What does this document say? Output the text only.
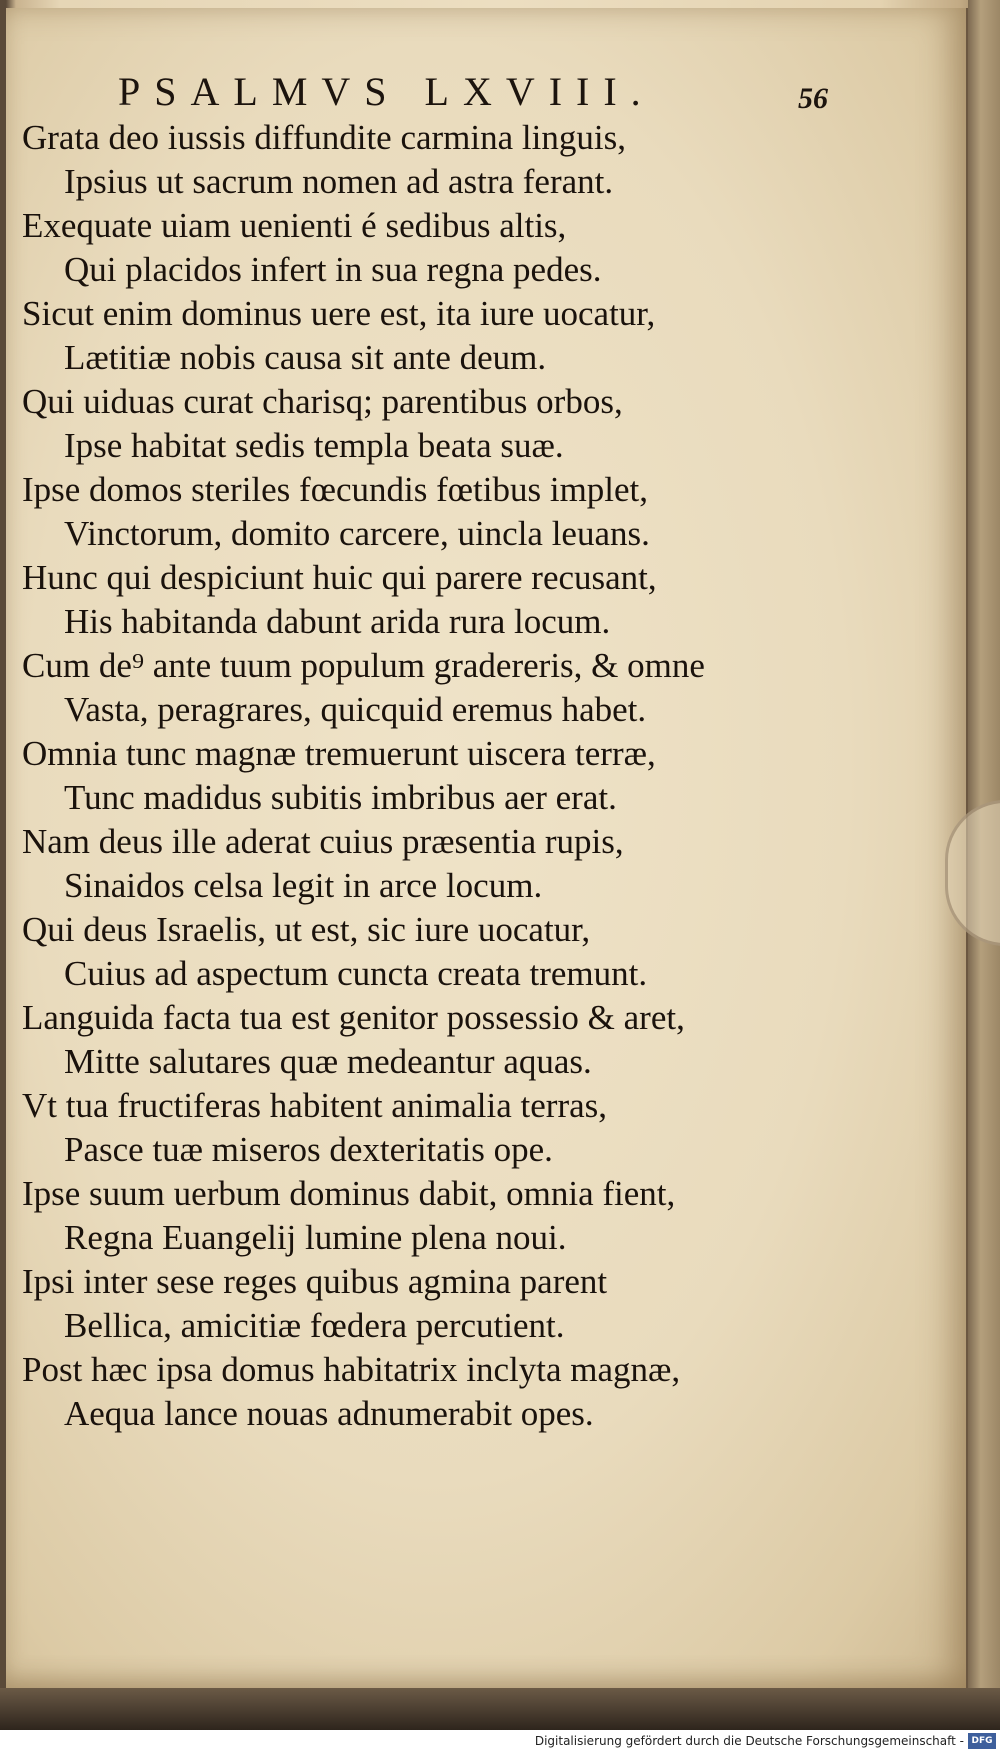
PSALMVS LXVIII.	56
Grata deo iussis diffundite carmina linguis,
Ipsius ut sacrum nomen ad astra ferant.
Exequate uiam uenienti é sedibus altis,
Qui placidos infert in sua regna pedes.
Sicut enim dominus uere est, ita iure uocatur,
Lætitiæ nobis causa sit ante deum.
Qui uiduas curat charisq; parentibus orbos,
Ipse habitat sedis templa beata suæ.
Ipse domos steriles fœcundis fœtibus implet,
Vinctorum, domito carcere, uincla leuans.
Hunc qui despiciunt huic qui parere recusant,
His habitanda dabunt arida rura locum.
Cum de⁹ ante tuum populum gradereris, & omne
Vasta, peragrares, quicquid eremus habet.
Omnia tunc magnæ tremuerunt uiscera terræ,
Tunc madidus subitis imbribus aer erat.
Nam deus ille aderat cuius præsentia rupis,
Sinaidos celsa legit in arce locum.
Qui deus Israelis, ut est, sic iure uocatur,
Cuius ad aspectum cuncta creata tremunt.
Languida facta tua est genitor possessio & aret,
Mitte salutares quæ medeantur aquas.
Vt tua fructiferas habitent animalia terras,
Pasce tuæ miseros dexteritatis ope.
Ipse suum uerbum dominus dabit, omnia fient,
Regna Euangelij lumine plena noui.
Ipsi inter sese reges quibus agmina parent
Bellica, amicitiæ fœdera percutient.
Post hæc ipsa domus habitatrix inclyta magnæ,
Aequa lance nouas adnumerabit opes.
Digitalisierung gefördert durch die Deutsche Forschungsgemeinschaft - DFG
